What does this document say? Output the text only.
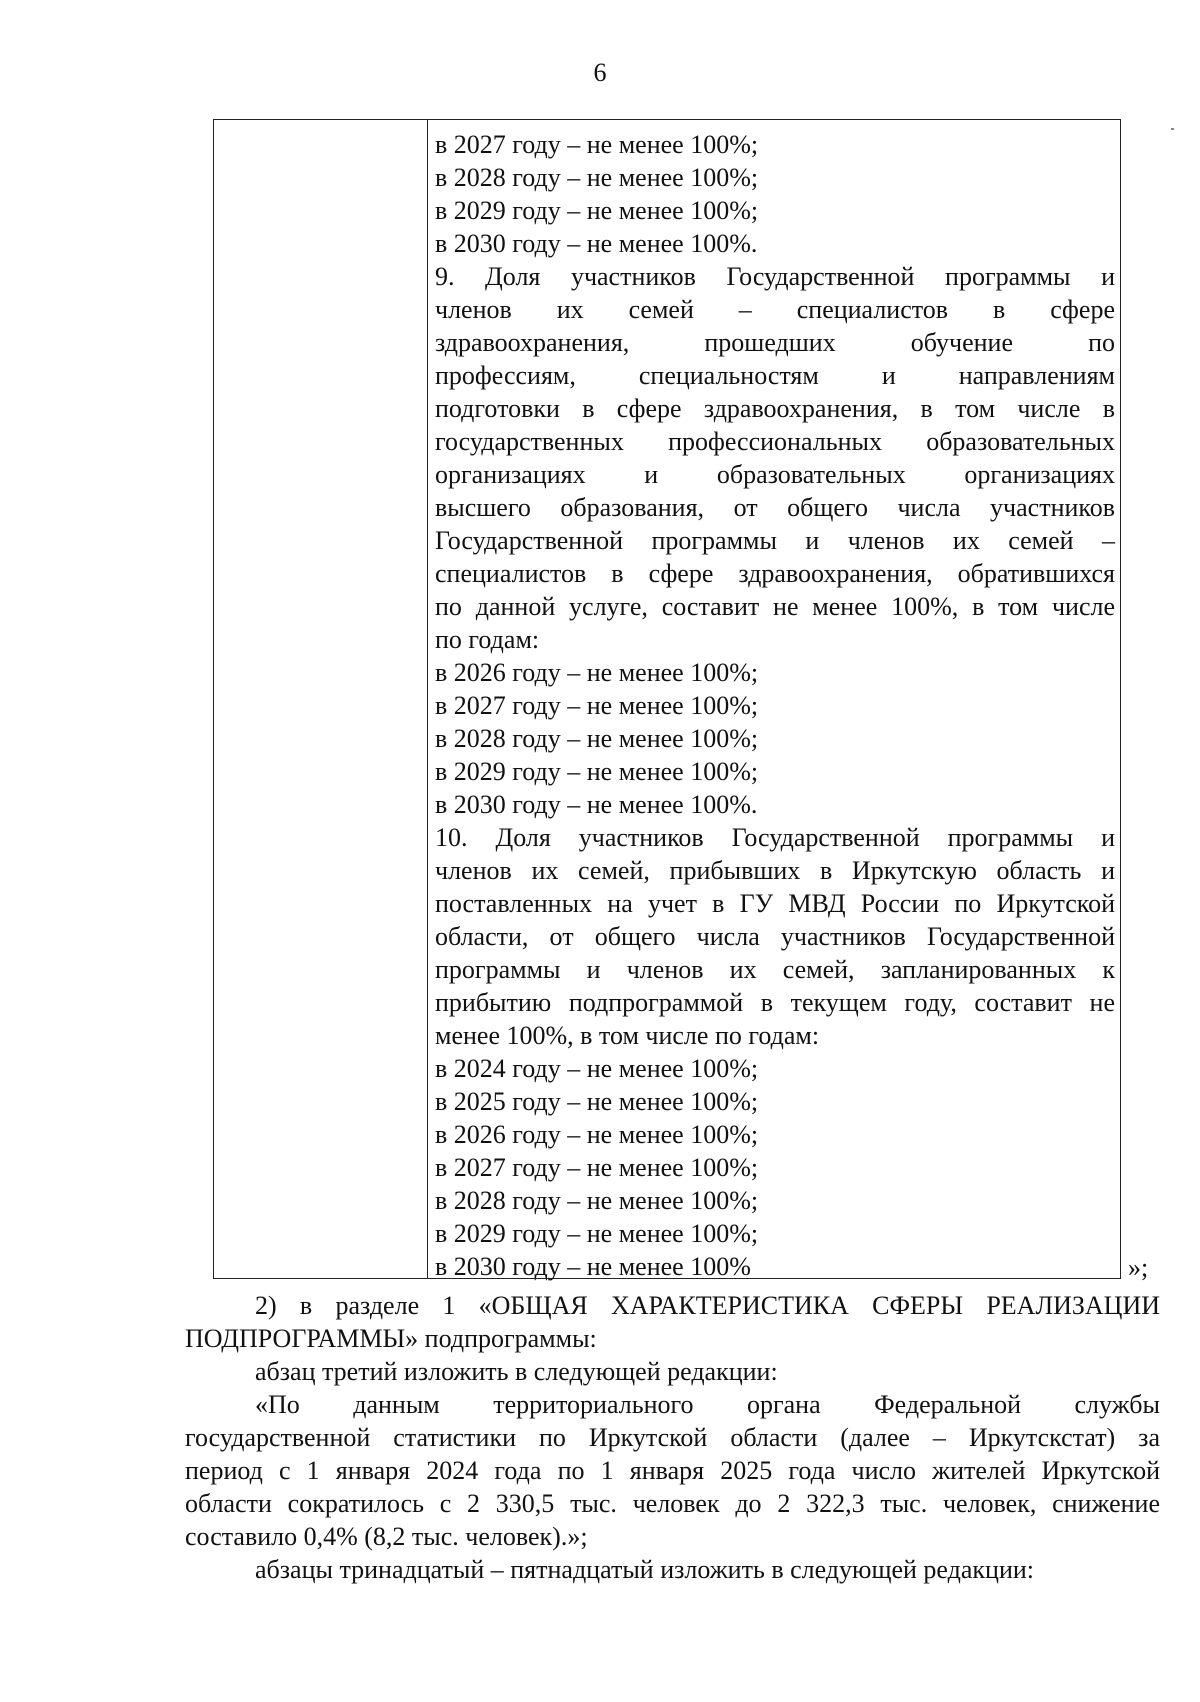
6
в 2027 году – не менее 100%;
в 2028 году – не менее 100%;
в 2029 году – не менее 100%;
в 2030 году – не менее 100%.
9. Доля участников Государственной программы и
членов их семей – специалистов в сфере
здравоохранения, прошедших обучение по
профессиям, специальностям и направлениям
подготовки в сфере здравоохранения, в том числе в
государственных профессиональных образовательных
организациях и образовательных организациях
высшего образования, от общего числа участников
Государственной программы и членов их семей –
специалистов в сфере здравоохранения, обратившихся
по данной услуге, составит не менее 100%, в том числе
по годам:
в 2026 году – не менее 100%;
в 2027 году – не менее 100%;
в 2028 году – не менее 100%;
в 2029 году – не менее 100%;
в 2030 году – не менее 100%.
10. Доля участников Государственной программы и
членов их семей, прибывших в Иркутскую область и
поставленных на учет в ГУ МВД России по Иркутской
области, от общего числа участников Государственной
программы и членов их семей, запланированных к
прибытию подпрограммой в текущем году, составит не
менее 100%, в том числе по годам:
в 2024 году – не менее 100%;
в 2025 году – не менее 100%;
в 2026 году – не менее 100%;
в 2027 году – не менее 100%;
в 2028 году – не менее 100%;
в 2029 году – не менее 100%;
в 2030 году – не менее 100%	»;
2) в разделе 1 «ОБЩАЯ ХАРАКТЕРИСТИКА СФЕРЫ РЕАЛИЗАЦИИ
ПОДПРОГРАММЫ» подпрограммы:
абзац третий изложить в следующей редакции:
«По данным территориального органа Федеральной службы
государственной статистики по Иркутской области (далее – Иркутскстат) за
период с 1 января 2024 года по 1 января 2025 года число жителей Иркутской
области сократилось с 2 330,5 тыс. человек до 2 322,3 тыс. человек, снижение
составило 0,4% (8,2 тыс. человек).»;
абзацы тринадцатый – пятнадцатый изложить в следующей редакции:
